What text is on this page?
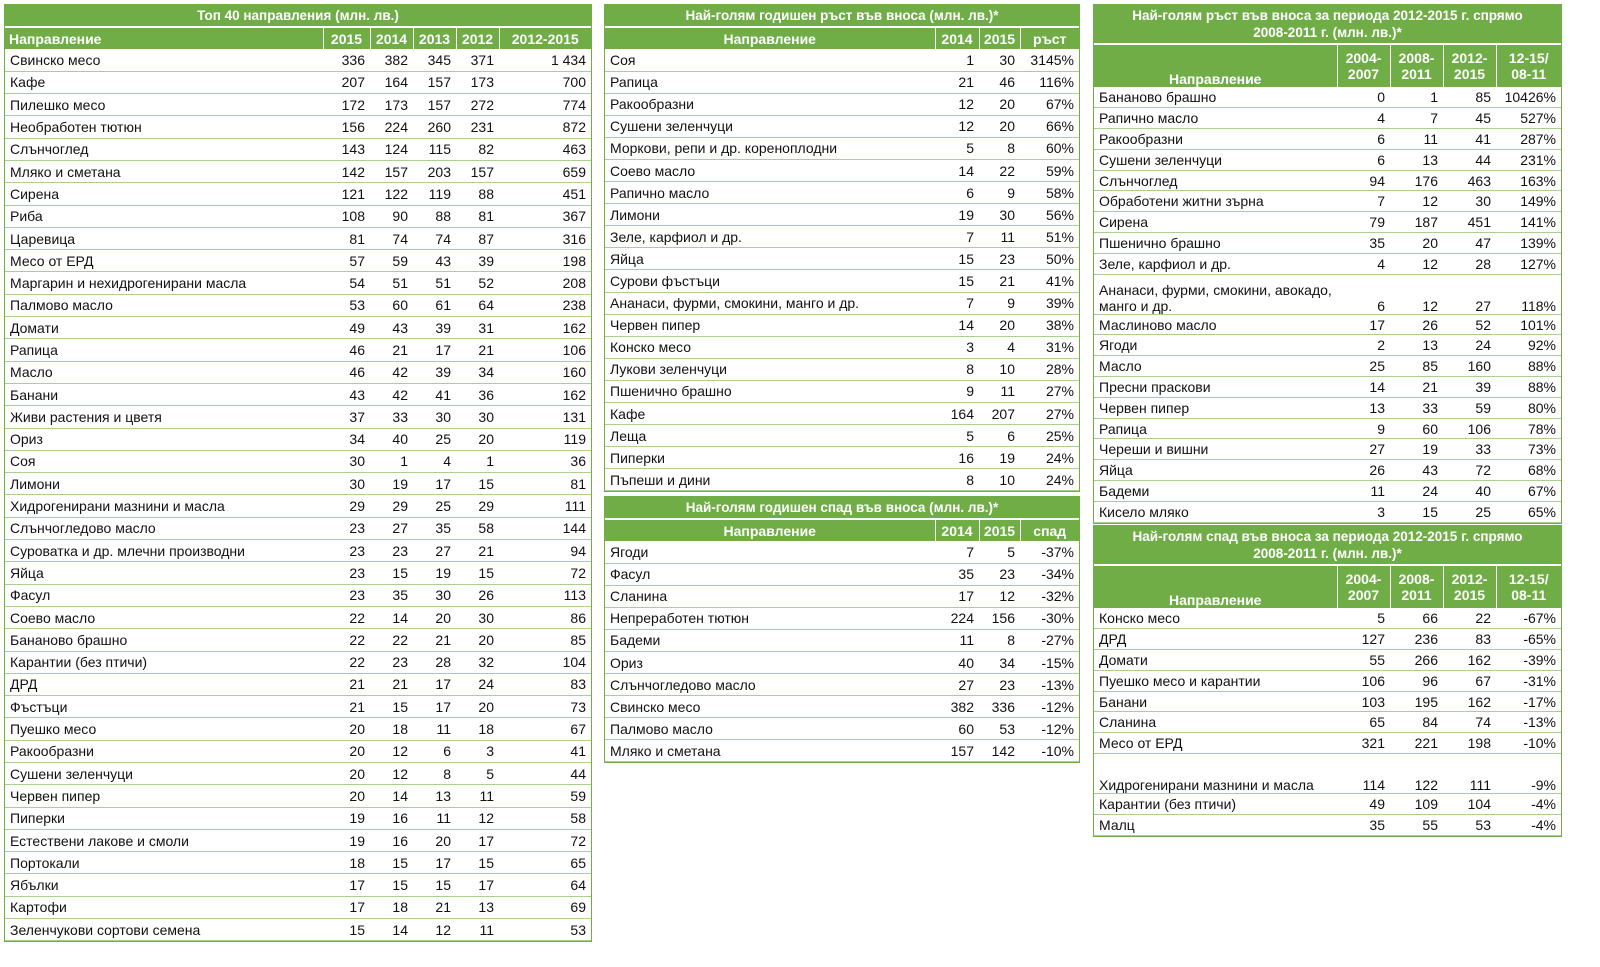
Топ 40 направления (млн. лв.)
Направление	2015	2014	2013	2012	2012-2015
Свинско месо	336	382	345	371	1 434
Кафе	207	164	157	173	700
Пилешко месо	172	173	157	272	774
Необработен тютюн	156	224	260	231	872
Слънчоглед	143	124	115	82	463
Мляко и сметана	142	157	203	157	659
Сирена	121	122	119	88	451
Риба	108	90	88	81	367
Царевица	81	74	74	87	316
Месо от ЕРД	57	59	43	39	198
Маргарин и нехидрогенирани масла	54	51	51	52	208
Палмово масло	53	60	61	64	238
Домати	49	43	39	31	162
Рапица	46	21	17	21	106
Масло	46	42	39	34	160
Банани	43	42	41	36	162
Живи растения и цветя	37	33	30	30	131
Ориз	34	40	25	20	119
Соя	30	1	4	1	36
Лимони	30	19	17	15	81
Хидрогенирани мазнини и масла	29	29	25	29	111
Слънчогледово масло	23	27	35	58	144
Суроватка и др. млечни производни	23	23	27	21	94
Яйца	23	15	19	15	72
Фасул	23	35	30	26	113
Соево масло	22	14	20	30	86
Бананово брашно	22	22	21	20	85
Карантии (без птичи)	22	23	28	32	104
ДРД	21	21	17	24	83
Фъстъци	21	15	17	20	73
Пуешко месо	20	18	11	18	67
Ракообразни	20	12	6	3	41
Сушени зеленчуци	20	12	8	5	44
Червен пипер	20	14	13	11	59
Пиперки	19	16	11	12	58
Естествени лакове и смоли	19	16	20	17	72
Портокали	18	15	17	15	65
Ябълки	17	15	15	17	64
Картофи	17	18	21	13	69
Зеленчукови сортови семена	15	14	12	11	53
Най-голям годишен ръст във вноса (млн. лв.)*
Направление	2014	2015	ръст
Соя	1	30	3145%
Рапица	21	46	116%
Ракообразни	12	20	67%
Сушени зеленчуци	12	20	66%
Моркови, репи и др. кореноплодни	5	8	60%
Соево масло	14	22	59%
Рапично масло	6	9	58%
Лимони	19	30	56%
Зеле, карфиол и др.	7	11	51%
Яйца	15	23	50%
Сурови фъстъци	15	21	41%
Ананаси, фурми, смокини, манго и др.	7	9	39%
Червен пипер	14	20	38%
Конско месо	3	4	31%
Лукови зеленчуци	8	10	28%
Пшенично брашно	9	11	27%
Кафе	164	207	27%
Леща	5	6	25%
Пиперки	16	19	24%
Пъпеши и дини	8	10	24%
Най-голям годишен спад във вноса (млн. лв.)*
Направление	2014	2015	спад
Ягоди	7	5	-37%
Фасул	35	23	-34%
Сланина	17	12	-32%
Непреработен тютюн	224	156	-30%
Бадеми	11	8	-27%
Ориз	40	34	-15%
Слънчогледово масло	27	23	-13%
Свинско месо	382	336	-12%
Палмово масло	60	53	-12%
Мляко и сметана	157	142	-10%
Най-голям ръст във вноса за периода 2012-2015 г. спрямо 2008-2011 г. (млн. лв.)*
Направление	2004-2007	2008-2011	2012-2015	12-15/ 08-11
Бананово брашно	0	1	85	10426%
Рапично масло	4	7	45	527%
Ракообразни	6	11	41	287%
Сушени зеленчуци	6	13	44	231%
Слънчоглед	94	176	463	163%
Обработени житни зърна	7	12	30	149%
Сирена	79	187	451	141%
Пшенично брашно	35	20	47	139%
Зеле, карфиол и др.	4	12	28	127%
Ананаси, фурми, смокини, авокадо, манго и др.	6	12	27	118%
Маслиново масло	17	26	52	101%
Ягоди	2	13	24	92%
Масло	25	85	160	88%
Пресни праскови	14	21	39	88%
Червен пипер	13	33	59	80%
Рапица	9	60	106	78%
Череши и вишни	27	19	33	73%
Яйца	26	43	72	68%
Бадеми	11	24	40	67%
Кисело мляко	3	15	25	65%
Най-голям спад във вноса за периода 2012-2015 г. спрямо 2008-2011 г. (млн. лв.)*
Направление	2004-2007	2008-2011	2012-2015	12-15/ 08-11
Конско месо	5	66	22	-67%
ДРД	127	236	83	-65%
Домати	55	266	162	-39%
Пуешко месо и карантии	106	96	67	-31%
Банани	103	195	162	-17%
Сланина	65	84	74	-13%
Месо от ЕРД	321	221	198	-10%
Хидрогенирани мазнини и масла	114	122	111	-9%
Карантии (без птичи)	49	109	104	-4%
Малц	35	55	53	-4%
